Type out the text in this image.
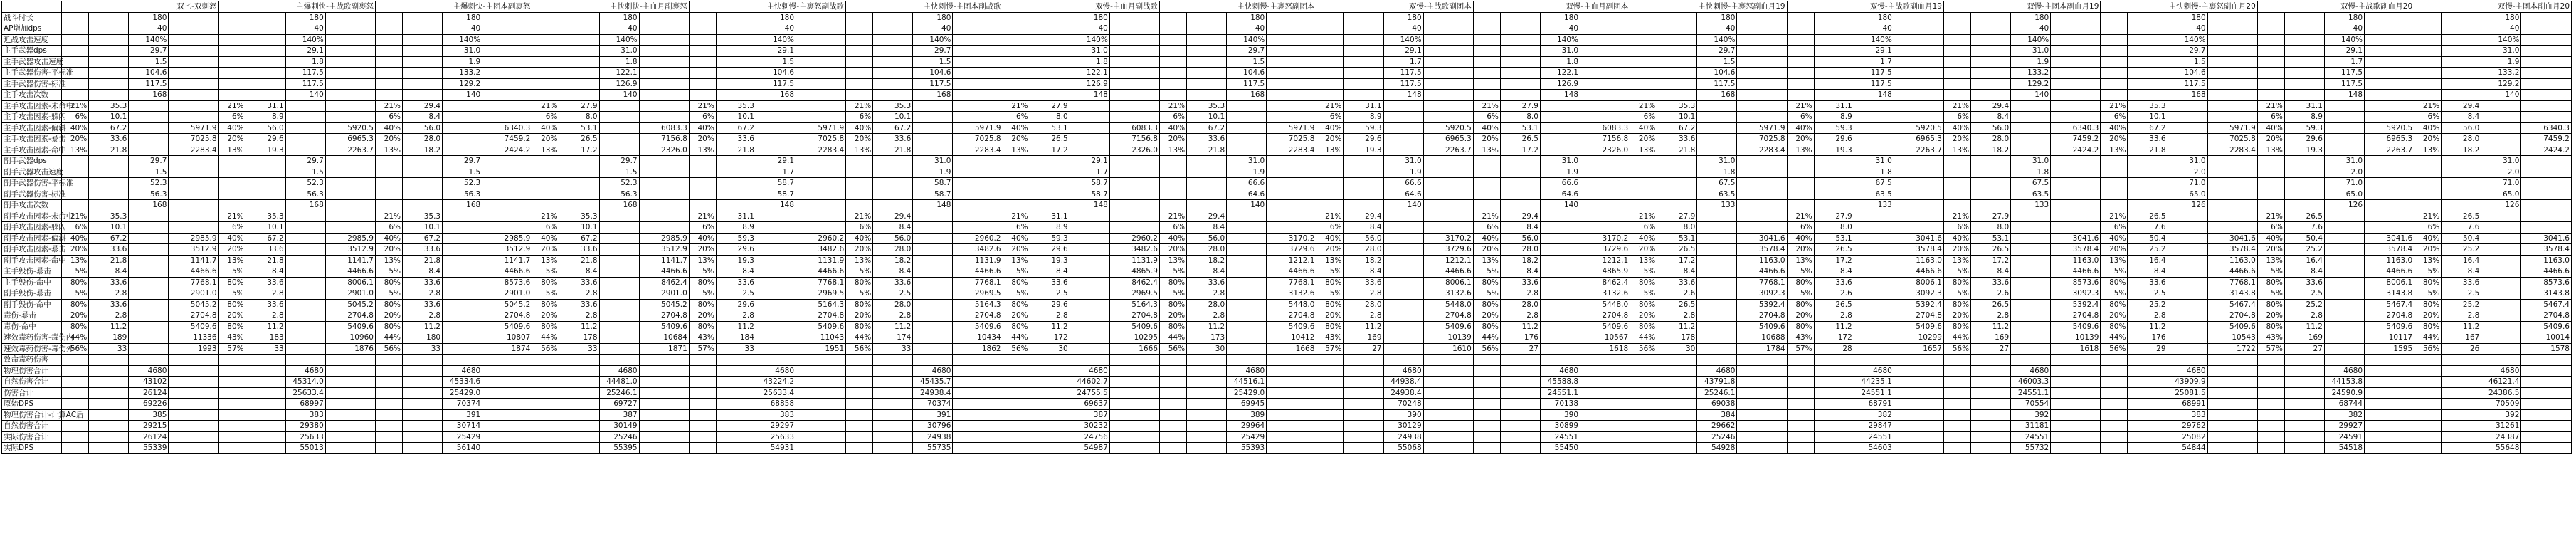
	双匕-双刺怒	主爆刺快-主战歌副裹怒	主爆刺快-主团本副裹怒	主快刺快-主血月副裹怒	主快刺慢-主裹怒副战歌	主快刺慢-主团本副战歌	双慢-主血月副战歌	主快刺慢-主裹怒副团本	双慢-主战歌副团本	双慢-主血月副团本	主快刺慢-主裹怒副血月19	双慢-主战歌副血月19	双慢-主团本副血月19	主快刺慢-主裹怒副血月20	双慢-主战歌副血月20	双慢-主团本副血月20
战斗时长			180				180				180				180				180				180				180				180				180				180				180				180				180				180				180				180	
AP增加dps			40				40				40				40				40				40				40				40				40				40				40				40				40				40				40				40	
近战攻击速度			140%				140%				140%				140%				140%				140%				140%				140%				140%				140%				140%				140%				140%				140%				140%				140%	
主手武器dps			29.7				29.1				31.0				31.0				29.1				29.7				31.0				29.7				29.1				31.0				29.7				29.1				31.0				29.7				29.1				31.0	
主手武器攻击速度			1.5				1.8				1.9				1.8				1.5				1.5				1.8				1.5				1.7				1.8				1.5				1.7				1.9				1.5				1.7				1.9	
主手武器伤害-平标准			104.6				117.5				133.2				122.1				104.6				104.6				122.1				104.6				117.5				122.1				104.6				117.5				133.2				104.6				117.5				133.2	
主手武器伤害-标准			117.5				117.5				129.2				126.9				117.5				117.5				126.9				117.5				117.5				126.9				117.5				117.5				129.2				117.5				117.5				129.2	
主手攻击次数			168				140				140				140				168				168				148				168				148				148				168				148				140				168				148				140	
主手攻击因素-未命中	21%	35.3			21%	31.1			21%	29.4			21%	27.9			21%	35.3			21%	35.3			21%	27.9			21%	35.3			21%	31.1			21%	27.9			21%	35.3			21%	31.1			21%	29.4			21%	35.3			21%	31.1			21%	29.4		
主手攻击因素-躲闪	6%	10.1			6%	8.9			6%	8.4			6%	8.0			6%	10.1			6%	10.1			6%	8.0			6%	10.1			6%	8.9			6%	8.0			6%	10.1			6%	8.9			6%	8.4			6%	10.1			6%	8.9			6%	8.4		
主手攻击因素-偏斜	40%	67.2		5971.9	40%	56.0		5920.5	40%	56.0		6340.3	40%	53.1		6083.3	40%	67.2		5971.9	40%	67.2		5971.9	40%	53.1		6083.3	40%	67.2		5971.9	40%	59.3		5920.5	40%	53.1		6083.3	40%	67.2		5971.9	40%	59.3		5920.5	40%	56.0		6340.3	40%	67.2		5971.9	40%	59.3		5920.5	40%	56.0		6340.3
主手攻击因素-暴击	20%	33.6		7025.8	20%	29.6		6965.3	20%	28.0		7459.2	20%	26.5		7156.8	20%	33.6		7025.8	20%	33.6		7025.8	20%	26.5		7156.8	20%	33.6		7025.8	20%	29.6		6965.3	20%	26.5		7156.8	20%	33.6		7025.8	20%	29.6		6965.3	20%	28.0		7459.2	20%	33.6		7025.8	20%	29.6		6965.3	20%	28.0		7459.2
主手攻击因素-命中	13%	21.8		2283.4	13%	19.3		2263.7	13%	18.2		2424.2	13%	17.2		2326.0	13%	21.8		2283.4	13%	21.8		2283.4	13%	17.2		2326.0	13%	21.8		2283.4	13%	19.3		2263.7	13%	17.2		2326.0	13%	21.8		2283.4	13%	19.3		2263.7	13%	18.2		2424.2	13%	21.8		2283.4	13%	19.3		2263.7	13%	18.2		2424.2
副手武器dps			29.7				29.7				29.7				29.7				29.1				31.0				29.1				31.0				31.0				31.0				31.0				31.0				31.0				31.0				31.0				31.0	
副手武器攻击速度			1.5				1.5				1.5				1.5				1.7				1.9				1.7				1.9				1.9				1.9				1.8				1.8				1.8				2.0				2.0				2.0	
副手武器伤害-平标准			52.3				52.3				52.3				52.3				58.7				58.7				58.7				66.6				66.6				66.6				67.5				67.5				67.5				71.0				71.0				71.0	
副手武器伤害-标准			56.3				56.3				56.3				56.3				58.7				58.7				58.7				64.6				64.6				64.6				63.5				63.5				63.5				65.0				65.0				65.0	
副手攻击次数			168				168				168				168				148				148				148				140				140				140				133				133				133				126				126				126	
副手攻击因素-未命中	21%	35.3			21%	35.3			21%	35.3			21%	35.3			21%	31.1			21%	29.4			21%	31.1			21%	29.4			21%	29.4			21%	29.4			21%	27.9			21%	27.9			21%	27.9			21%	26.5			21%	26.5			21%	26.5		
副手攻击因素-躲闪	6%	10.1			6%	10.1			6%	10.1			6%	10.1			6%	8.9			6%	8.4			6%	8.9			6%	8.4			6%	8.4			6%	8.4			6%	8.0			6%	8.0			6%	8.0			6%	7.6			6%	7.6			6%	7.6		
副手攻击因素-偏斜	40%	67.2		2985.9	40%	67.2		2985.9	40%	67.2		2985.9	40%	67.2		2985.9	40%	59.3		2960.2	40%	56.0		2960.2	40%	59.3		2960.2	40%	56.0		3170.2	40%	56.0		3170.2	40%	56.0		3170.2	40%	53.1		3041.6	40%	53.1		3041.6	40%	53.1		3041.6	40%	50.4		3041.6	40%	50.4		3041.6	40%	50.4		3041.6
副手攻击因素-暴击	20%	33.6		3512.9	20%	33.6		3512.9	20%	33.6		3512.9	20%	33.6		3512.9	20%	29.6		3482.6	20%	28.0		3482.6	20%	29.6		3482.6	20%	28.0		3729.6	20%	28.0		3729.6	20%	28.0		3729.6	20%	26.5		3578.4	20%	26.5		3578.4	20%	26.5		3578.4	20%	25.2		3578.4	20%	25.2		3578.4	20%	25.2		3578.4
副手攻击因素-命中	13%	21.8		1141.7	13%	21.8		1141.7	13%	21.8		1141.7	13%	21.8		1141.7	13%	19.3		1131.9	13%	18.2		1131.9	13%	19.3		1131.9	13%	18.2		1212.1	13%	18.2		1212.1	13%	18.2		1212.1	13%	17.2		1163.0	13%	17.2		1163.0	13%	17.2		1163.0	13%	16.4		1163.0	13%	16.4		1163.0	13%	16.4		1163.0
主手毁伤-暴击	5%	8.4		4466.6	5%	8.4		4466.6	5%	8.4		4466.6	5%	8.4		4466.6	5%	8.4		4466.6	5%	8.4		4466.6	5%	8.4		4865.9	5%	8.4		4466.6	5%	8.4		4466.6	5%	8.4		4865.9	5%	8.4		4466.6	5%	8.4		4466.6	5%	8.4		4466.6	5%	8.4		4466.6	5%	8.4		4466.6	5%	8.4		4466.6
主手毁伤-命中	80%	33.6		7768.1	80%	33.6		8006.1	80%	33.6		8573.6	80%	33.6		8462.4	80%	33.6		7768.1	80%	33.6		7768.1	80%	33.6		8462.4	80%	33.6		7768.1	80%	33.6		8006.1	80%	33.6		8462.4	80%	33.6		7768.1	80%	33.6		8006.1	80%	33.6		8573.6	80%	33.6		7768.1	80%	33.6		8006.1	80%	33.6		8573.6
副手毁伤-暴击	5%	2.8		2901.0	5%	2.8		2901.0	5%	2.8		2901.0	5%	2.8		2901.0	5%	2.5		2969.5	5%	2.5		2969.5	5%	2.5		2969.5	5%	2.8		3132.6	5%	2.8		3132.6	5%	2.8		3132.6	5%	2.6		3092.3	5%	2.6		3092.3	5%	2.6		3092.3	5%	2.5		3143.8	5%	2.5		3143.8	5%	2.5		3143.8
副手毁伤-命中	80%	33.6		5045.2	80%	33.6		5045.2	80%	33.6		5045.2	80%	33.6		5045.2	80%	29.6		5164.3	80%	28.0		5164.3	80%	29.6		5164.3	80%	28.0		5448.0	80%	28.0		5448.0	80%	28.0		5448.0	80%	26.5		5392.4	80%	26.5		5392.4	80%	26.5		5392.4	80%	25.2		5467.4	80%	25.2		5467.4	80%	25.2		5467.4
毒伤-暴击	20%	2.8		2704.8	20%	2.8		2704.8	20%	2.8		2704.8	20%	2.8		2704.8	20%	2.8		2704.8	20%	2.8		2704.8	20%	2.8		2704.8	20%	2.8		2704.8	20%	2.8		2704.8	20%	2.8		2704.8	20%	2.8		2704.8	20%	2.8		2704.8	20%	2.8		2704.8	20%	2.8		2704.8	20%	2.8		2704.8	20%	2.8		2704.8
毒伤-命中	80%	11.2		5409.6	80%	11.2		5409.6	80%	11.2		5409.6	80%	11.2		5409.6	80%	11.2		5409.6	80%	11.2		5409.6	80%	11.2		5409.6	80%	11.2		5409.6	80%	11.2		5409.6	80%	11.2		5409.6	80%	11.2		5409.6	80%	11.2		5409.6	80%	11.2		5409.6	80%	11.2		5409.6	80%	11.2		5409.6	80%	11.2		5409.6
速效毒药伤害-毒伤内	44%	189		11336	43%	183		10960	44%	180		10807	44%	178		10684	43%	184		11043	44%	174		10434	44%	172		10295	44%	173		10412	43%	169		10139	44%	176		10567	44%	178		10688	43%	172		10299	44%	169		10139	44%	176		10543	43%	169		10117	44%	167		10014
速效毒药伤害-毒伤外	56%	33		1993	57%	33		1876	56%	33		1874	56%	33		1871	57%	33		1951	56%	33		1862	56%	30		1666	56%	30		1668	57%	27		1610	56%	27		1618	56%	30		1784	57%	28		1657	56%	27		1618	56%	29		1722	57%	27		1595	56%	26		1578
致命毒药伤害																																																																
物理伤害合计			4680				4680				4680				4680				4680				4680				4680				4680				4680				4680				4680				4680				4680				4680				4680				4680	
自然伤害合计			43102				45314.0				45334.6				44481.0				43224.2				45435.7				44602.7				44516.1				44938.4				45588.8				43791.8				44235.1				46003.3				43909.9				44153.8				46121.4	
伤害合计			26124				25633.4				25429.0				25246.1				25633.4				24938.4				24755.5				25429.0				24938.4				24551.1				25246.1				24551.1				24551.1				25081.5				24590.9				24386.5	
原始DPS			69226				68997				70374				69727				68858				70374				69637				69945				70248				70138				69038				68791				70554				68991				68744				70509	
物理伤害合计-计算AC后			385				383				391				387				383				391				387				389				390				390				384				382				392				383				382				392	
自然伤害合计			29215				29380				30714				30149				29297				30796				30232				29964				30129				30899				29662				29847				31181				29762				29927				31261	
实际伤害合计			26124				25633				25429				25246				25633				24938				24756				25429				24938				24551				25246				24551				24551				25082				24591				24387	
实际DPS			55339				55013				56140				55395				54931				55735				54987				55393				55068				55450				54928				54603				55732				54844				54518				55648	
